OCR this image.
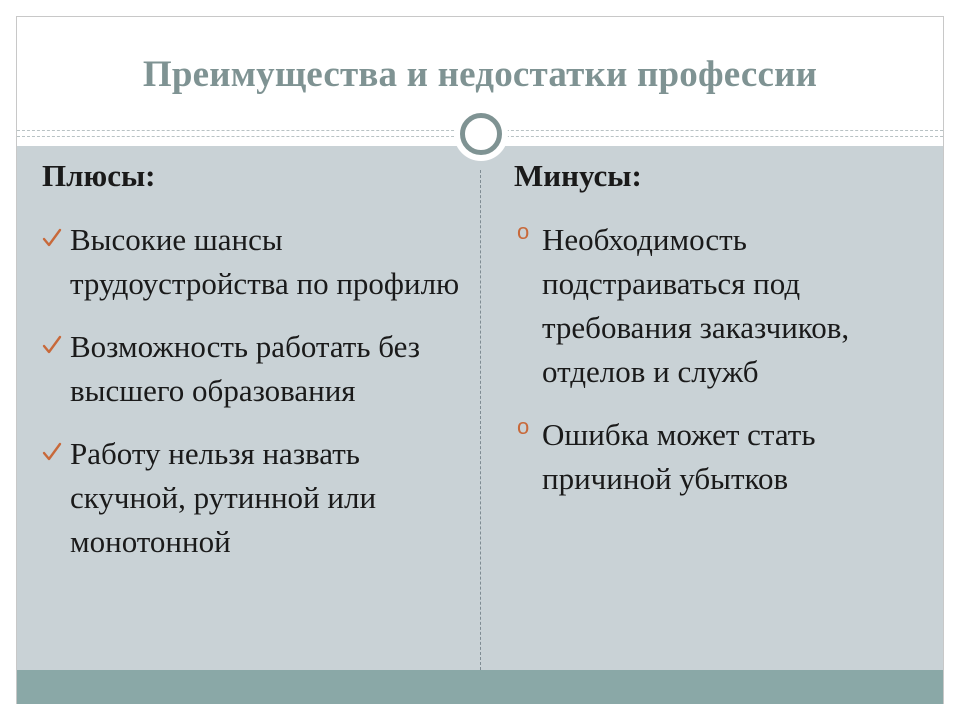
Преимущества и недостатки профессии
Плюсы:
Высокие шансы трудоустройства по профилю
Возможность работать без высшего образования
Работу нельзя назвать скучной, рутинной или монотонной
Минусы:
o Необходимость подстраиваться под требования заказчиков, отделов и служб
o Ошибка может стать причиной убытков
